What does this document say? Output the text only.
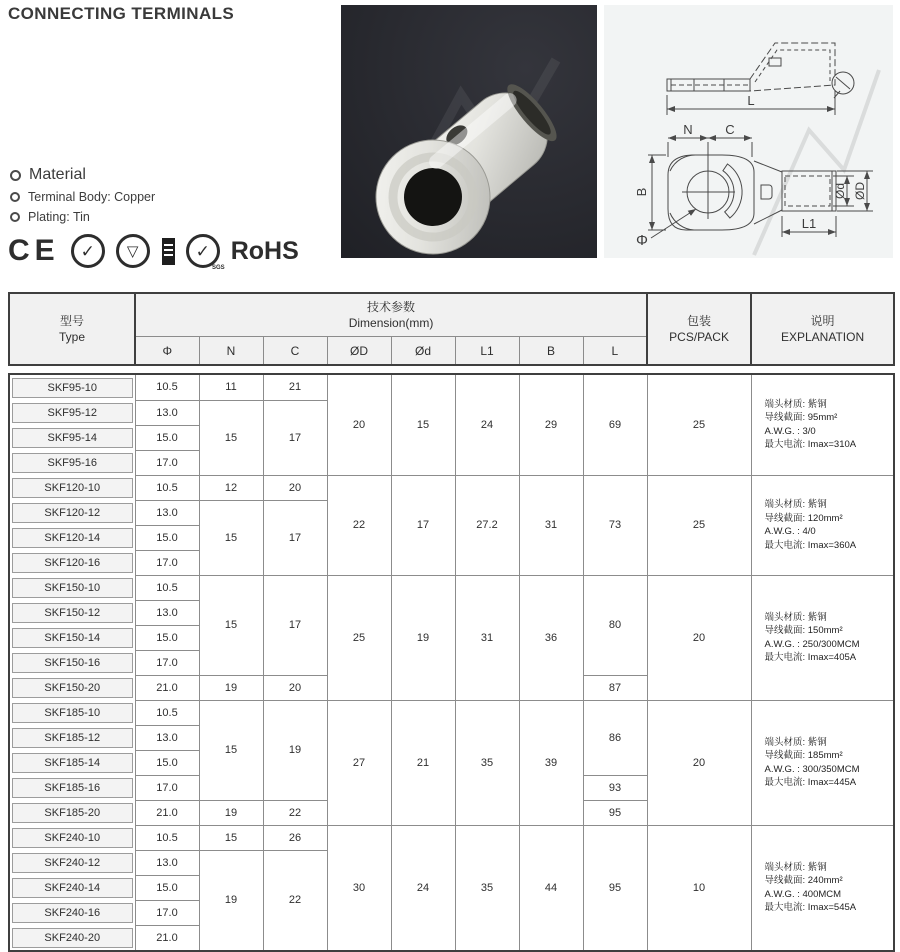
CONNECTING TERMINALS
L
N	C
B
Φ
Ød ØD
L1
Material
Terminal Body: Copper
Plating: Tin
CE ✓ ▽	✓
SGS
RoHS
型号
Type

技术参数
Dimension(mm)	包装
PCS/PACK

说明
EXPLANATION

	Φ	N	C	ØD	Ød	L1	B	L		
SKF95-10	10.5	11	21	20	15	24	29	69	25	端头材质: 紫铜
导线截面: 95mm²
A.W.G. : 3/0
最大电流: Imax=310A

SKF95-12	13.0	15	17							

SKF95-14	15.0									

SKF95-16	17.0									

SKF120-10	10.5	12	20	22	17	27.2	31	73	25	端头材质: 紫铜
导线截面: 120mm²
A.W.G. : 4/0
最大电流: Imax=360A

SKF120-12	13.0	15	17							

SKF120-14	15.0									

SKF120-16	17.0									

SKF150-10	10.5	15	17	25	19	31	36	80	20	端头材质: 紫铜
导线截面: 150mm²
A.W.G. : 250/300MCM
最大电流: Imax=405A

SKF150-12	13.0									

SKF150-14	15.0									

SKF150-16	17.0									

SKF150-20	21.0	19	20					87		

SKF185-10	10.5	15	19	27	21	35	39	86	20	端头材质: 紫铜
导线截面: 185mm²
A.W.G. : 300/350MCM
最大电流: Imax=445A

SKF185-12	13.0									

SKF185-14	15.0									

SKF185-16	17.0							93		

SKF185-20	21.0	19	22					95		

SKF240-10	10.5	15	26	30	24	35	44	95	10	端头材质: 紫铜
导线截面: 240mm²
A.W.G. : 400MCM
最大电流: Imax=545A

SKF240-12	13.0	19	22							

SKF240-14	15.0									

SKF240-16	17.0									

SKF240-20	21.0									
